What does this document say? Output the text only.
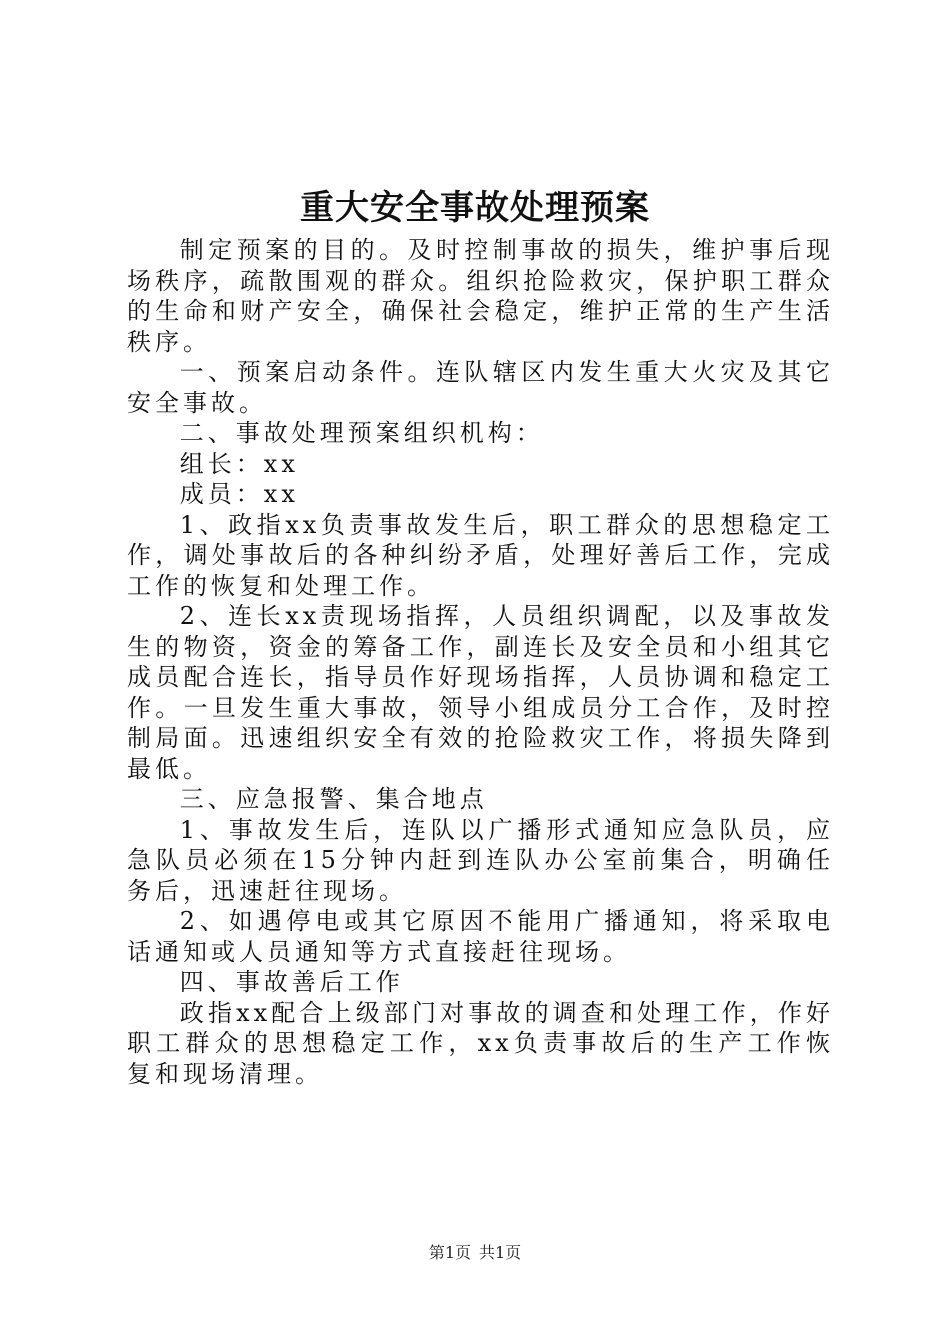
重大安全事故处理预案

制定预案的目的。及时控制事故的损失，维护事后现场秩序，疏散围观的群众。组织抢险救灾，保护职工群众的生命和财产安全，确保社会稳定，维护正常的生产生活秩序。

一、预案启动条件。连队辖区内发生重大火灾及其它安全事故。

二、事故处理预案组织机构：

组长：xx

成员：xx

1、政指xx负责事故发生后，职工群众的思想稳定工作，调处事故后的各种纠纷矛盾，处理好善后工作，完成工作的恢复和处理工作。

2、连长xx责现场指挥，人员组织调配，以及事故发生的物资，资金的筹备工作，副连长及安全员和小组其它成员配合连长，指导员作好现场指挥，人员协调和稳定工作。一旦发生重大事故，领导小组成员分工合作，及时控制局面。迅速组织安全有效的抢险救灾工作，将损失降到最低。

三、应急报警、集合地点

1、事故发生后，连队以广播形式通知应急队员，应急队员必须在15分钟内赶到连队办公室前集合，明确任务后，迅速赶往现场。

2、如遇停电或其它原因不能用广播通知，将采取电话通知或人员通知等方式直接赶往现场。

四、事故善后工作

政指xx配合上级部门对事故的调查和处理工作，作好职工群众的思想稳定工作，xx负责事故后的生产工作恢复和现场清理。

第1页 共1页
